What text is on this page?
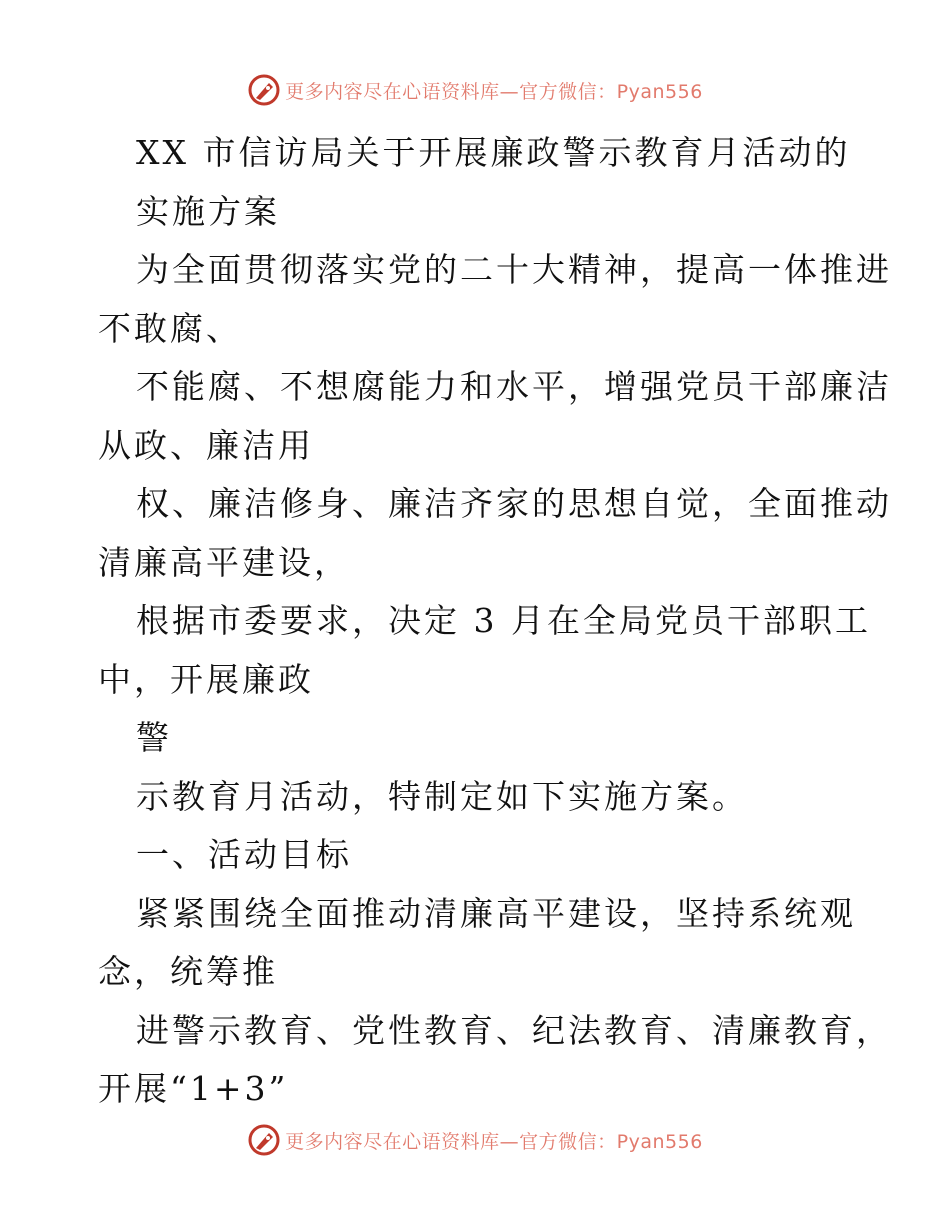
更多内容尽在心语资料库—官方微信：Pyan556
XX 市信访局关于开展廉政警示教育月活动的
实施方案
为全面贯彻落实党的二十大精神，提高一体推进
不敢腐、
不能腐、不想腐能力和水平，增强党员干部廉洁
从政、廉洁用
权、廉洁修身、廉洁齐家的思想自觉，全面推动
清廉高平建设，
根据市委要求，决定 3 月在全局党员干部职工
中，开展廉政
警
示教育月活动，特制定如下实施方案。
一、活动目标
紧紧围绕全面推动清廉高平建设，坚持系统观
念，统筹推
进警示教育、党性教育、纪法教育、清廉教育，
开展“1+3”
更多内容尽在心语资料库—官方微信：Pyan556
